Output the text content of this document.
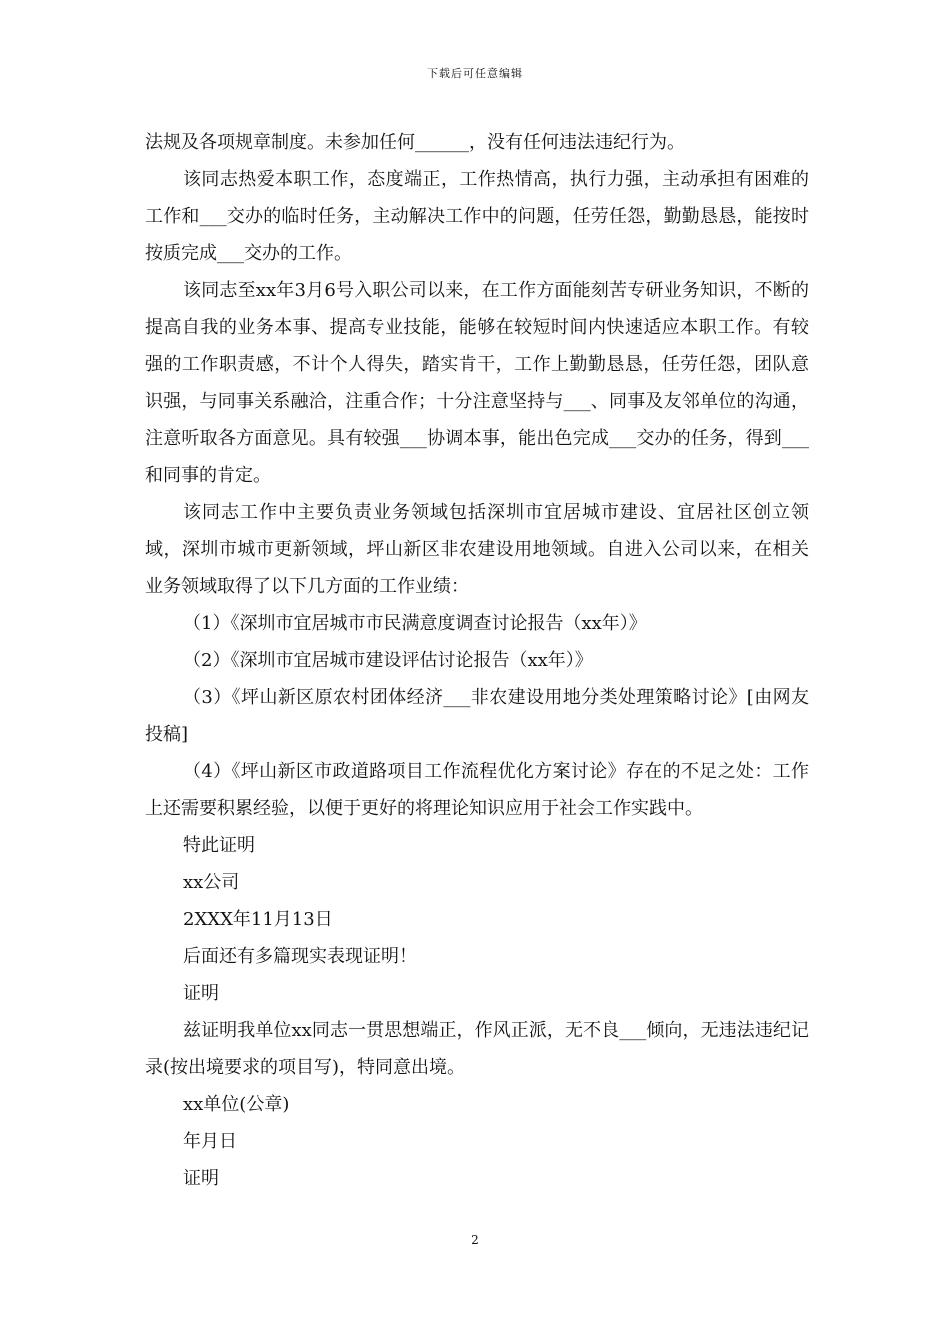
下载后可任意编辑

法规及各项规章制度。未参加任何______，没有任何违法违纪行为。

该同志热爱本职工作，态度端正，工作热情高，执行力强，主动承担有困难的工作和___交办的临时任务，主动解决工作中的问题，任劳任怨，勤勤恳恳，能按时按质完成___交办的工作。

该同志至xx年3月6号入职公司以来，在工作方面能刻苦专研业务知识，不断的提高自我的业务本事、提高专业技能，能够在较短时间内快速适应本职工作。有较强的工作职责感，不计个人得失，踏实肯干，工作上勤勤恳恳，任劳任怨，团队意识强，与同事关系融洽，注重合作；十分注意坚持与___、同事及友邻单位的沟通，注意听取各方面意见。具有较强___协调本事，能出色完成___交办的任务，得到___和同事的肯定。

该同志工作中主要负责业务领域包括深圳市宜居城市建设、宜居社区创立领域，深圳市城市更新领域，坪山新区非农建设用地领域。自进入公司以来，在相关业务领域取得了以下几方面的工作业绩：

（1）《深圳市宜居城市市民满意度调查讨论报告（xx年）》

（2）《深圳市宜居城市建设评估讨论报告（xx年）》

（3）《坪山新区原农村团体经济___非农建设用地分类处理策略讨论》[由网友投稿]

（4）《坪山新区市政道路项目工作流程优化方案讨论》存在的不足之处：工作上还需要积累经验，以便于更好的将理论知识应用于社会工作实践中。

特此证明

xx公司

2XXX年11月13日

后面还有多篇现实表现证明！

证明

兹证明我单位xx同志一贯思想端正，作风正派，无不良___倾向，无违法违纪记录(按出境要求的项目写)，特同意出境。

xx单位(公章)

年月日

证明

2
